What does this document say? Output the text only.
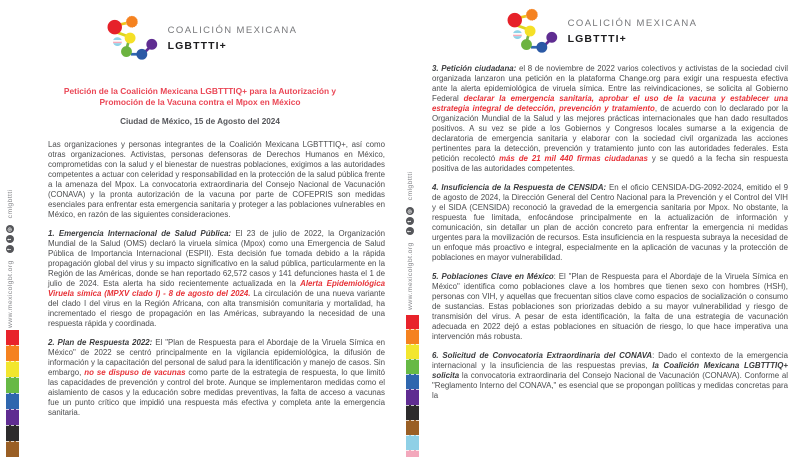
www.mexicolgbt.org
f
t
◎
cmlgbttti
COALICIÓN MEXICANA
LGBTTTI+
Petición de la Coalición Mexicana LGBTTTIQ+ para la Autorización y Promoción de la Vacuna contra el Mpox en México
Ciudad de México, 15 de Agosto del 2024

Las organizaciones y personas integrantes de la Coalición Mexicana LGBTTTIQ+, así como otras organizaciones. Activistas, personas defensoras de Derechos Humanos en México, comprometidas con la salud y el bienestar de nuestras poblaciones, exigimos a las autoridades competentes a actuar con celeridad y responsabilidad en la protección de la salud pública frente a la amenaza del Mpox. La convocatoria extraordinaria del Consejo Nacional de Vacunación (CONAVA) y la pronta autorización de la vacuna por parte de COFEPRIS son medidas esenciales para enfrentar esta emergencia sanitaria y proteger a las poblaciones vulnerables en México, en razón de las siguientes consideraciones.

1. Emergencia Internacional de Salud Pública: El 23 de julio de 2022, la Organización Mundial de la Salud (OMS) declaró la viruela símica (Mpox) como una Emergencia de Salud Pública de Importancia Internacional (ESPII). Esta decisión fue tomada debido a la rápida propagación global del virus y su impacto significativo en la salud pública, particularmente en la Región de las Américas, donde se han reportado 62,572 casos y 141 defunciones hasta el 1 de julio de 2024. Esta alerta ha sido recientemente actualizada en la Alerta Epidemiológica Viruela símica (MPXV clado I) - 8 de agosto del 2024. La circulación de una nueva variante del clado I del virus en la Región Africana, con alta transmisión comunitaria y mortalidad, ha incrementado el riesgo de propagación en las Américas, subrayando la necesidad de una respuesta rápida y coordinada.

2. Plan de Respuesta 2022: El "Plan de Respuesta para el Abordaje de la Viruela Símica en México" de 2022 se centró principalmente en la vigilancia epidemiológica, la difusión de información y la capacitación del personal de salud para la identificación y manejo de casos. Sin embargo, no se dispuso de vacunas como parte de la estrategia de respuesta, lo que limitó las capacidades de prevención y control del brote. Aunque se implementaron medidas como el aislamiento de casos y la educación sobre medidas preventivas, la falta de acceso a vacunas fue un punto crítico que impidió una respuesta más efectiva y completa ante la emergencia sanitaria.

www.mexicolgbt.org
f
t
◎
cmlgbttti
COALICIÓN MEXICANA
LGBTTTI+

3. Petición ciudadana: el 8 de noviembre de 2022 varios colectivos y activistas de la sociedad civil organizada lanzaron una petición en la plataforma Change.org para exigir una respuesta efectiva ante la alerta epidemiológica de viruela símica. Entre las reivindicaciones, se solicita al Gobierno Federal declarar la emergencia sanitaria, aprobar el uso de la vacuna y establecer una estrategia integral de detección, prevención y tratamiento, de acuerdo con lo declarado por la Organización Mundial de la Salud y las mejores prácticas internacionales que han dado resultados positivos. A su vez se pide a los Gobiernos y Congresos locales sumarse a la exigencia de declaratoria de emergencia sanitaria y elaborar con la sociedad civil organizada las acciones pertinentes para la detección, prevención y tratamiento junto con las autoridades federales. Esta petición recolectó más de 21 mil 440 firmas ciudadanas y se quedó a la fecha sin respuesta positiva de las autoridades competentes.

4. Insuficiencia de la Respuesta de CENSIDA: En el oficio CENSIDA-DG-2092-2024, emitido el 9 de agosto de 2024, la Dirección General del Centro Nacional para la Prevención y el Control del VIH y el SIDA (CENSIDA) reconoció la gravedad de la emergencia sanitaria por Mpox. No obstante, la respuesta fue limitada, enfocándose principalmente en la actualización de información y comunicación, sin detallar un plan de acción concreto para enfrentar la emergencia ni medidas urgentes para la movilización de recursos. Esta insuficiencia en la respuesta subraya la necesidad de un enfoque más proactivo e integral, especialmente en la aplicación de vacunas y la protección de poblaciones en mayor vulnerabilidad.

5. Poblaciones Clave en México: El "Plan de Respuesta para el Abordaje de la Viruela Símica en México" identifica como poblaciones clave a los hombres que tienen sexo con hombres (HSH), personas con VIH, y aquellas que frecuentan sitios clave como espacios de socialización o consumo de sustancias. Estas poblaciones son priorizadas debido a su mayor vulnerabilidad y riesgo de transmisión del virus. A pesar de esta identificación, la falta de una estrategia de vacunación adecuada en 2022 dejó a estas poblaciones en situación de riesgo, lo que hace imperativa una intervención más robusta.

6. Solicitud de Convocatoria Extraordinaria del CONAVA: Dado el contexto de la emergencia internacional y la insuficiencia de las respuestas previas, la Coalición Mexicana LGBTTTIQ+ solicita la convocatoria extraordinaria del Consejo Nacional de Vacunación (CONAVA). Conforme al "Reglamento Interno del CONAVA," es esencial que se propongan políticas y medidas concretas para la
